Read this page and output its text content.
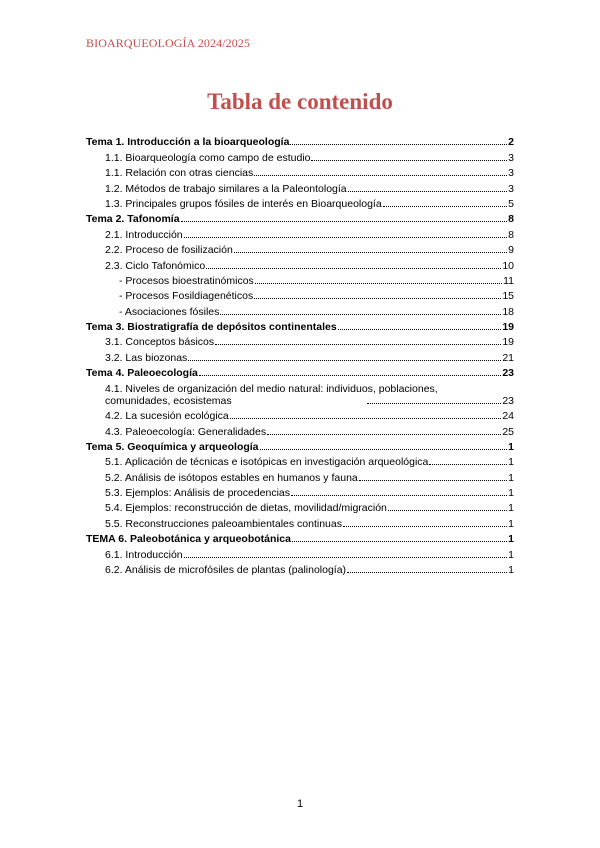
BIOARQUEOLOGÍA 2024/2025
Tabla de contenido
Tema 1. Introducción a la bioarqueología	2
1.1. Bioarqueología como campo de estudio	3
1.1. Relación con otras ciencias	3
1.2. Métodos de trabajo similares a la Paleontología	3
1.3. Principales grupos fósiles de interés en Bioarqueología	5
Tema 2. Tafonomía	8
2.1. Introducción	8
2.2. Proceso de fosilización	9
2.3. Ciclo Tafonómico	10
- Procesos bioestratinómicos	11
- Procesos Fosildiagenéticos	15
- Asociaciones fósiles	18
Tema 3. Biostratigrafía de depósitos continentales	19
3.1. Conceptos básicos	19
3.2. Las biozonas	21
Tema 4. Paleoecología	23
4.1. Niveles de organización del medio natural: individuos, poblaciones,
comunidades, ecosistemas	23
4.2. La sucesión ecológica	24
4.3. Paleoecología: Generalidades	25
Tema 5. Geoquímica y arqueología	1
5.1. Aplicación de técnicas e isotópicas en investigación arqueológica	1
5.2. Análisis de isótopos estables en humanos y fauna	1
5.3. Ejemplos: Análisis de procedencias	1
5.4. Ejemplos: reconstrucción de dietas, movilidad/migración	1
5.5. Reconstrucciones paleoambientales continuas	1
TEMA 6. Paleobotánica y arqueobotánica	1
6.1. Introducción	1
6.2. Análisis de microfósiles de plantas (palinología)	1
1
